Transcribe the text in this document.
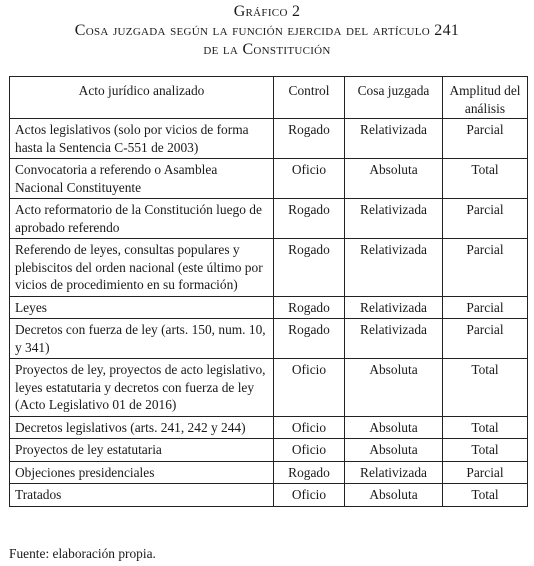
Gráfico 2
Cosa juzgada según la función ejercida del artículo 241
de la Constitución
Acto jurídico analizado	Control	Cosa juzgada	Amplitud del análisis
Actos legislativos (solo por vicios de forma hasta la Sentencia C-551 de 2003)	Rogado	Relativizada	Parcial
Convocatoria a referendo o Asamblea Nacional Constituyente	Oficio	Absoluta	Total
Acto reformatorio de la Constitución luego de aprobado referendo	Rogado	Relativizada	Parcial
Referendo de leyes, consultas populares y plebiscitos del orden nacional (este último por vicios de procedimiento en su formación)	Rogado	Relativizada	Parcial
Leyes	Rogado	Relativizada	Parcial
Decretos con fuerza de ley (arts. 150, num. 10, y 341)	Rogado	Relativizada	Parcial
Proyectos de ley, proyectos de acto legislativo, leyes estatutaria y decretos con fuerza de ley (Acto Legislativo 01 de 2016)	Oficio	Absoluta	Total
Decretos legislativos (arts. 241, 242 y 244)	Oficio	Absoluta	Total
Proyectos de ley estatutaria	Oficio	Absoluta	Total
Objeciones presidenciales	Rogado	Relativizada	Parcial
Tratados	Oficio	Absoluta	Total
Fuente: elaboración propia.
